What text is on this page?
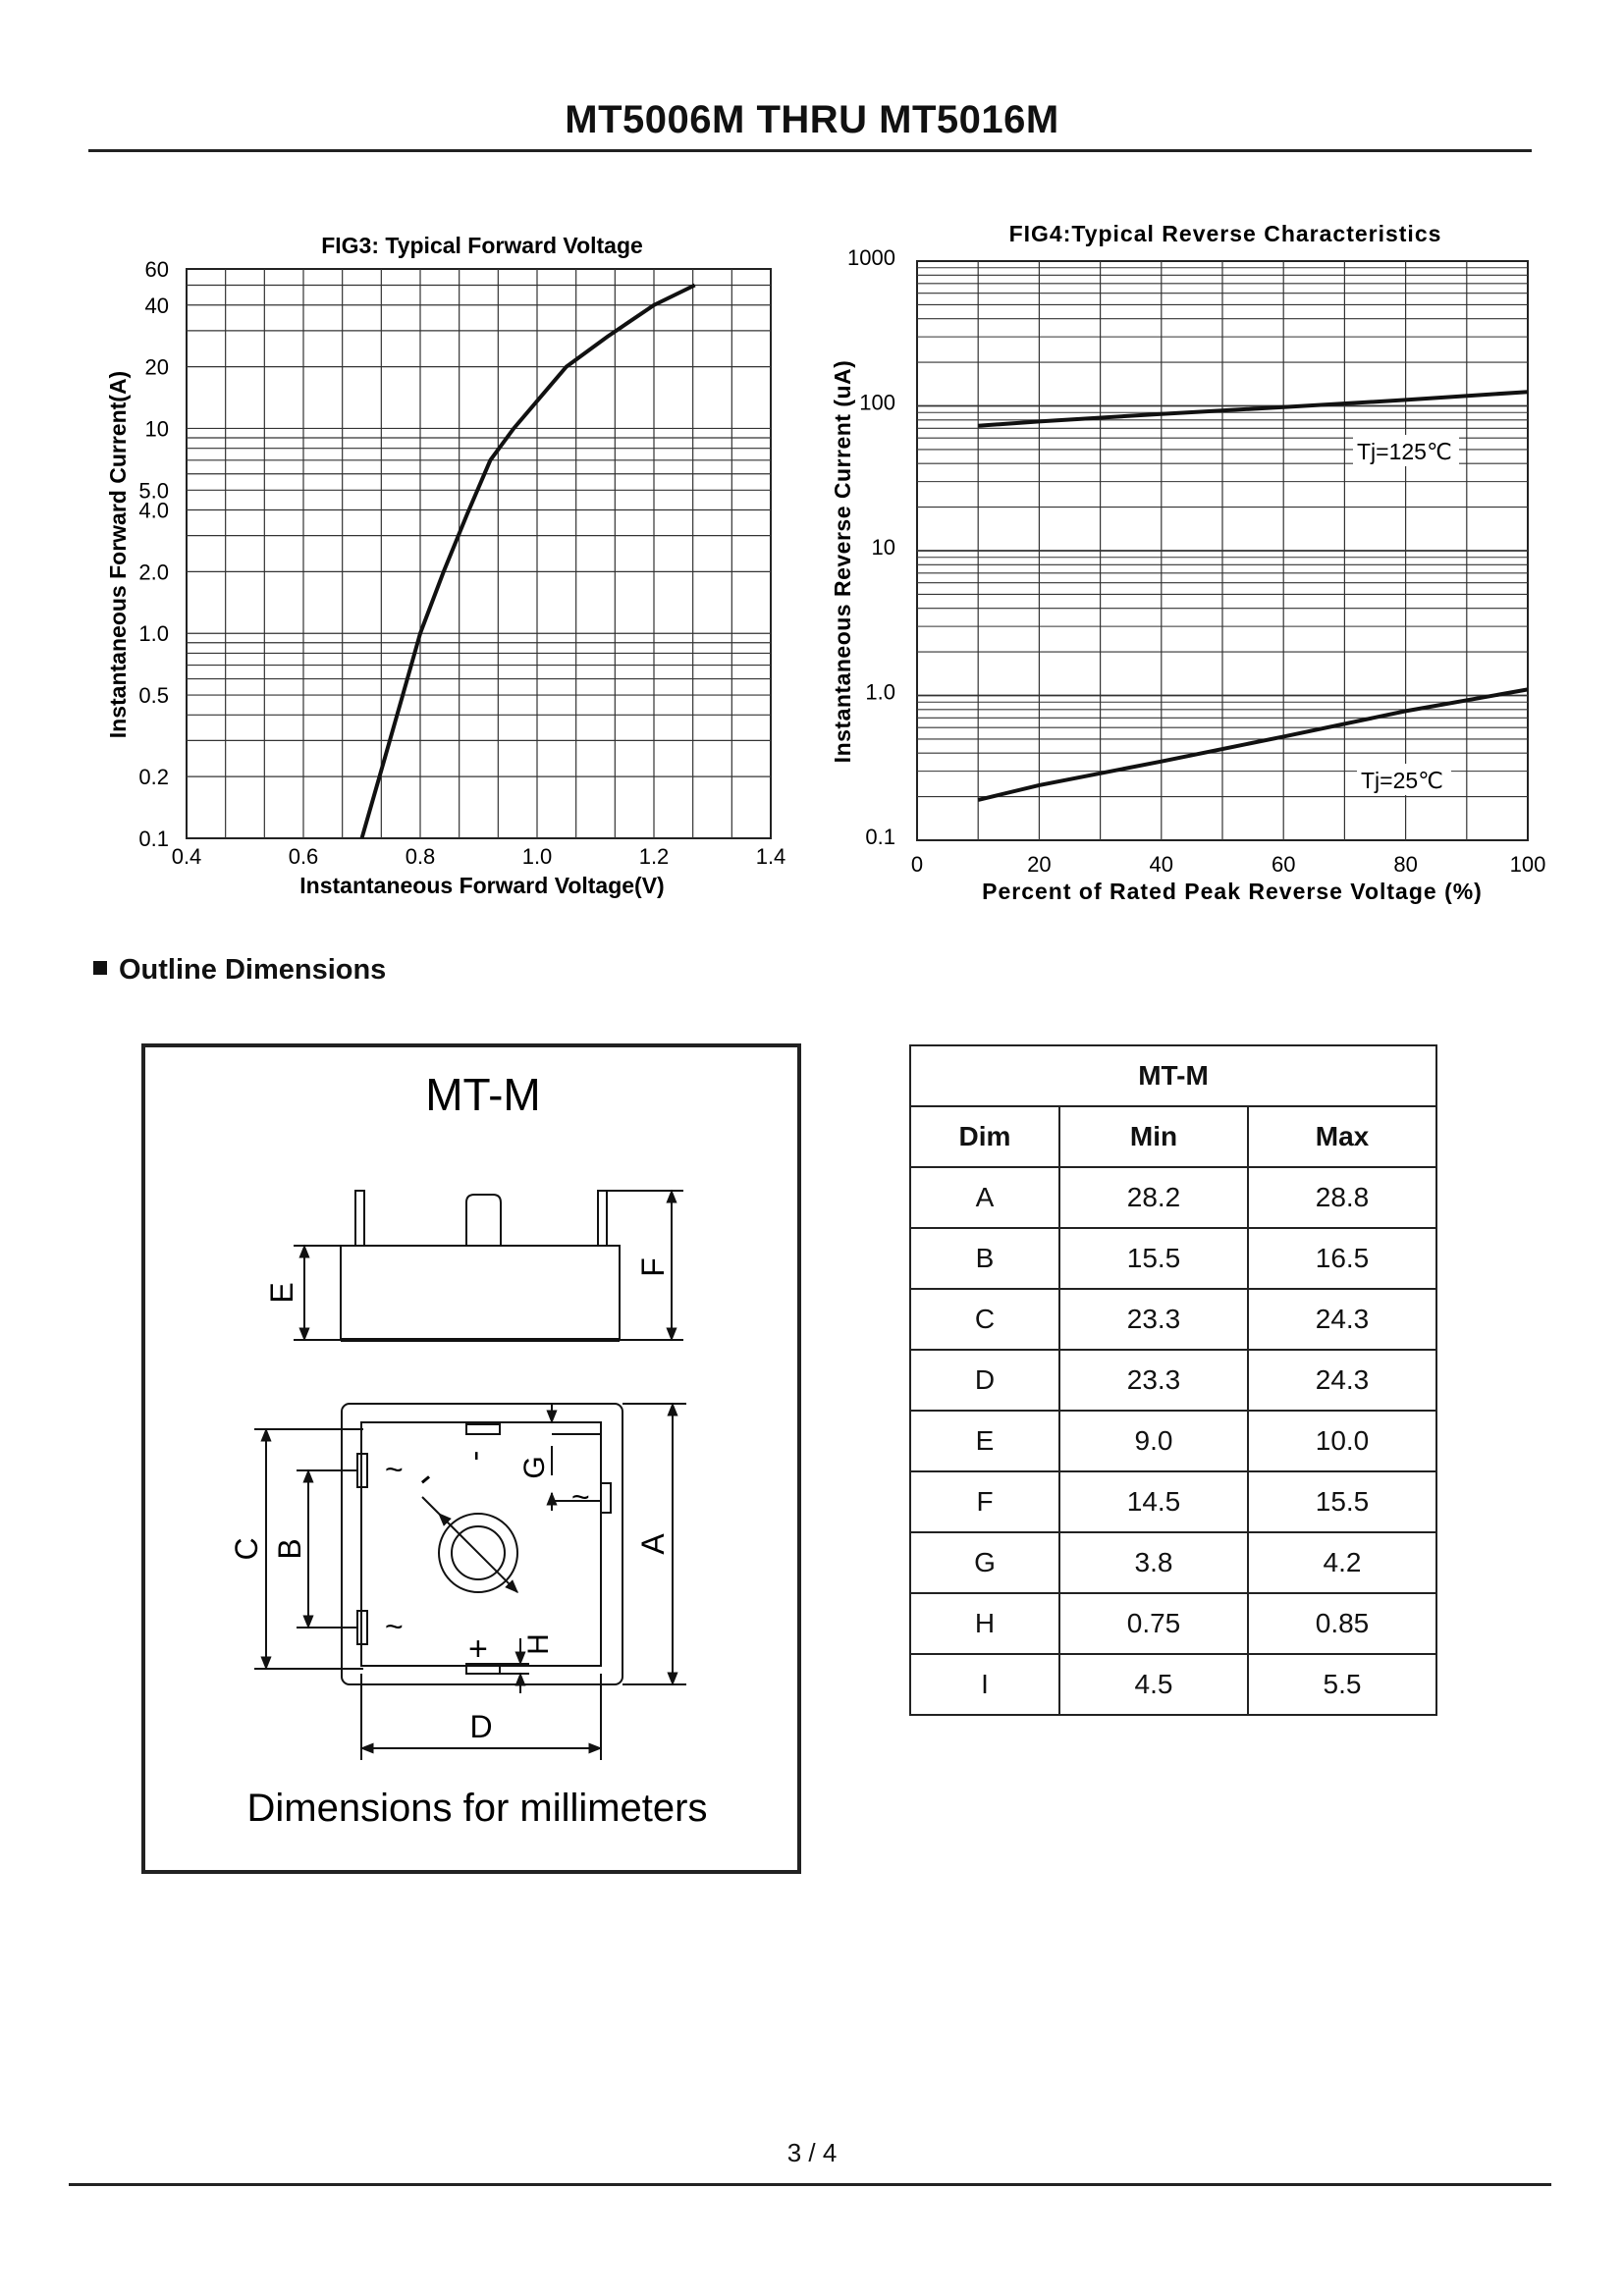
MT5006M THRU MT5016M
FIG3: Typical Forward Voltage
0.4	0.6	0.8	1.0	1.2	1.4
0.1
0.2
0.5
1.0
2.0
4.0
5.0
10
20
40
60
Instantaneous Forward Voltage(V)
Instantaneous Forward Current(A)
FIG4:Typical Reverse Characteristics
0	20	40	60	80	100
0.1
1.0
10
100
1000
Percent of Rated Peak Reverse Voltage (%)
Instantaneous Reverse Current (uA)	Tj=125℃
Tj=25℃
Outline Dimensions
MT-M
E
F
C B	A
D
G
H
~
~
~
+
-
-
Dimensions for millimeters
MT-M		
Dim	Min	Max
A	28.2	28.8
B	15.5	16.5
C	23.3	24.3
D	23.3	24.3
E	9.0	10.0
F	14.5	15.5
G	3.8	4.2
H	0.75	0.85
I	4.5	5.5
3 / 4
